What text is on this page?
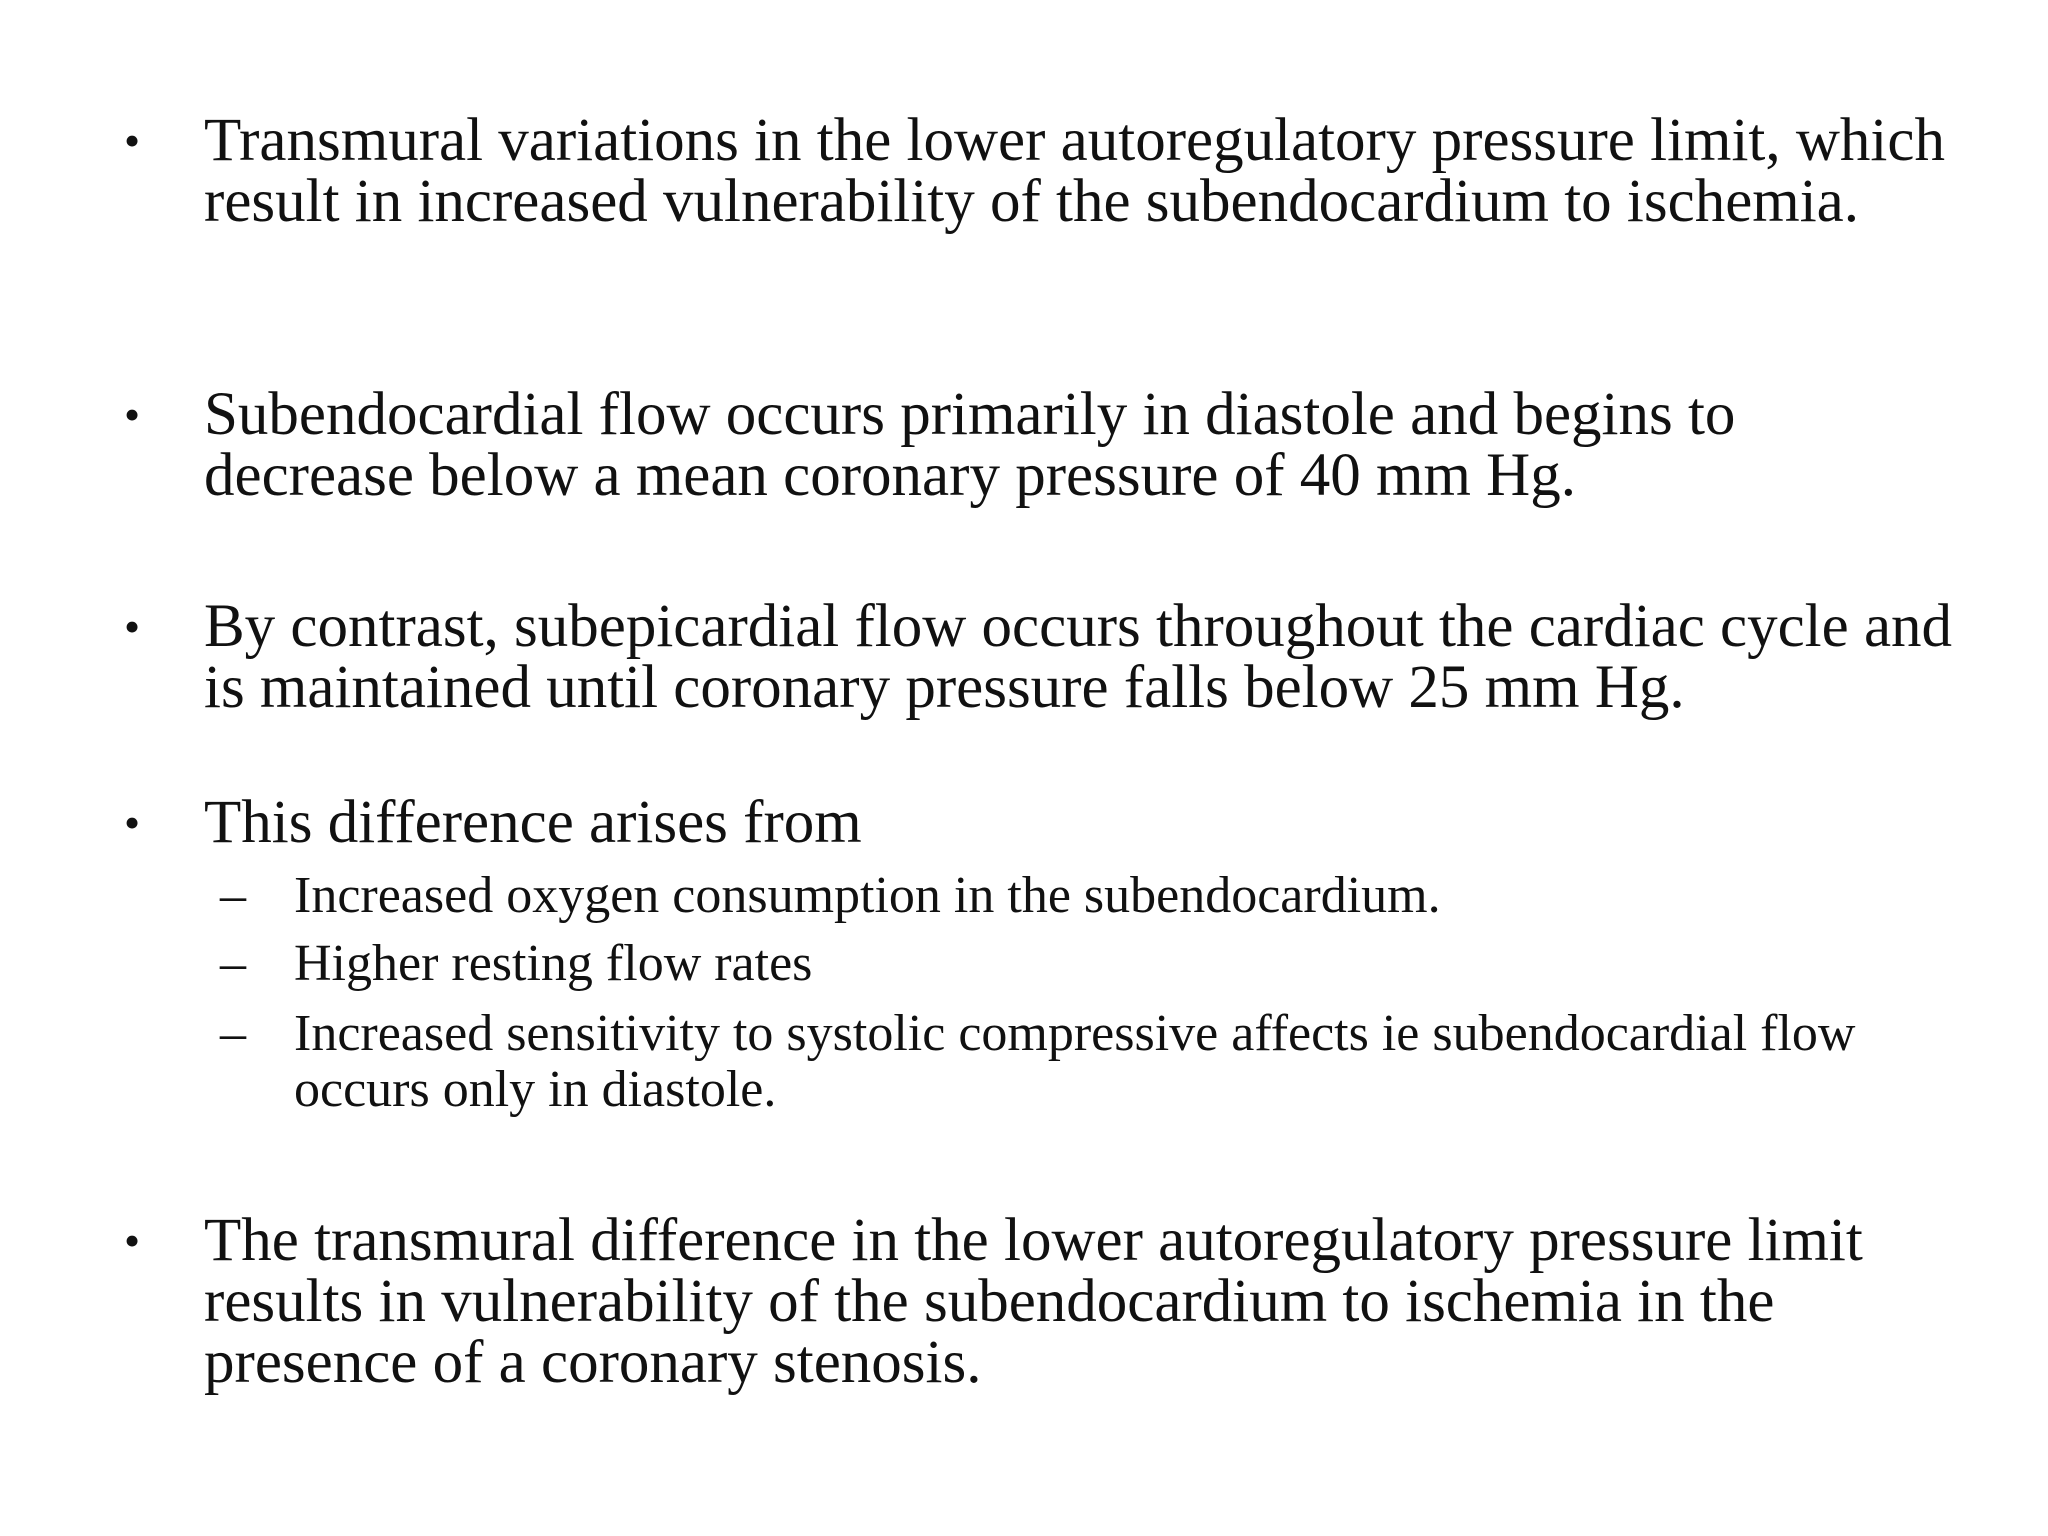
•	Transmural variations in the lower autoregulatory pressure limit, which result in increased vulnerability of the subendocardium to ischemia.
•	Subendocardial flow occurs primarily in diastole and begins to decrease below a mean coronary pressure of 40 mm Hg.
•	By contrast, subepicardial flow occurs throughout the cardiac cycle and is maintained until coronary pressure falls below 25 mm Hg.
•	This difference arises from
– Increased oxygen consumption in the subendocardium.
– Higher resting flow rates
– Increased sensitivity to systolic compressive affects ie subendocardial flow occurs only in diastole.
•	The transmural difference in the lower autoregulatory pressure limit results in vulnerability of the subendocardium to ischemia in the presence of a coronary stenosis.
